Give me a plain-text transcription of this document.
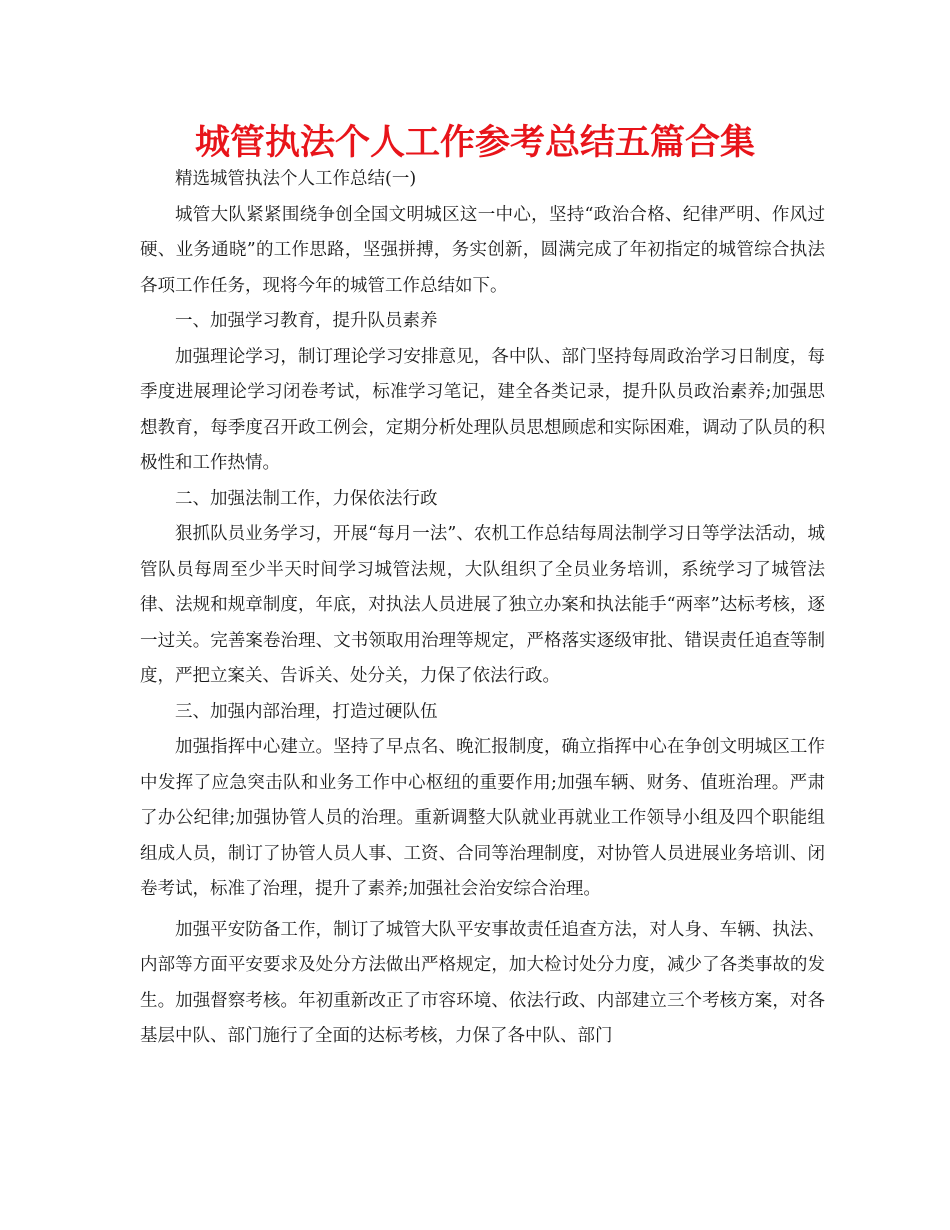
城管执法个人工作参考总结五篇合集

精选城管执法个人工作总结(一)

城管大队紧紧围绕争创全国文明城区这一中心，坚持“政治合格、纪律严明、作风过硬、业务通晓”的工作思路，坚强拼搏，务实创新，圆满完成了年初指定的城管综合执法各项工作任务，现将今年的城管工作总结如下。

一、加强学习教育，提升队员素养

加强理论学习，制订理论学习安排意见，各中队、部门坚持每周政治学习日制度，每季度进展理论学习闭卷考试，标准学习笔记，建全各类记录，提升队员政治素养;加强思想教育，每季度召开政工例会，定期分析处理队员思想顾虑和实际困难，调动了队员的积极性和工作热情。

二、加强法制工作，力保依法行政

狠抓队员业务学习，开展“每月一法”、农机工作总结每周法制学习日等学法活动，城管队员每周至少半天时间学习城管法规，大队组织了全员业务培训，系统学习了城管法律、法规和规章制度，年底，对执法人员进展了独立办案和执法能手“两率”达标考核，逐一过关。完善案卷治理、文书领取用治理等规定，严格落实逐级审批、错误责任追查等制度，严把立案关、告诉关、处分关，力保了依法行政。

三、加强内部治理，打造过硬队伍

加强指挥中心建立。坚持了早点名、晚汇报制度，确立指挥中心在争创文明城区工作中发挥了应急突击队和业务工作中心枢纽的重要作用;加强车辆、财务、值班治理。严肃了办公纪律;加强协管人员的治理。重新调整大队就业再就业工作领导小组及四个职能组组成人员，制订了协管人员人事、工资、合同等治理制度，对协管人员进展业务培训、闭卷考试，标准了治理，提升了素养;加强社会治安综合治理。

加强平安防备工作，制订了城管大队平安事故责任追查方法，对人身、车辆、执法、内部等方面平安要求及处分方法做出严格规定，加大检讨处分力度，减少了各类事故的发生。加强督察考核。年初重新改正了市容环境、依法行政、内部建立三个考核方案，对各基层中队、部门施行了全面的达标考核，力保了各中队、部门
